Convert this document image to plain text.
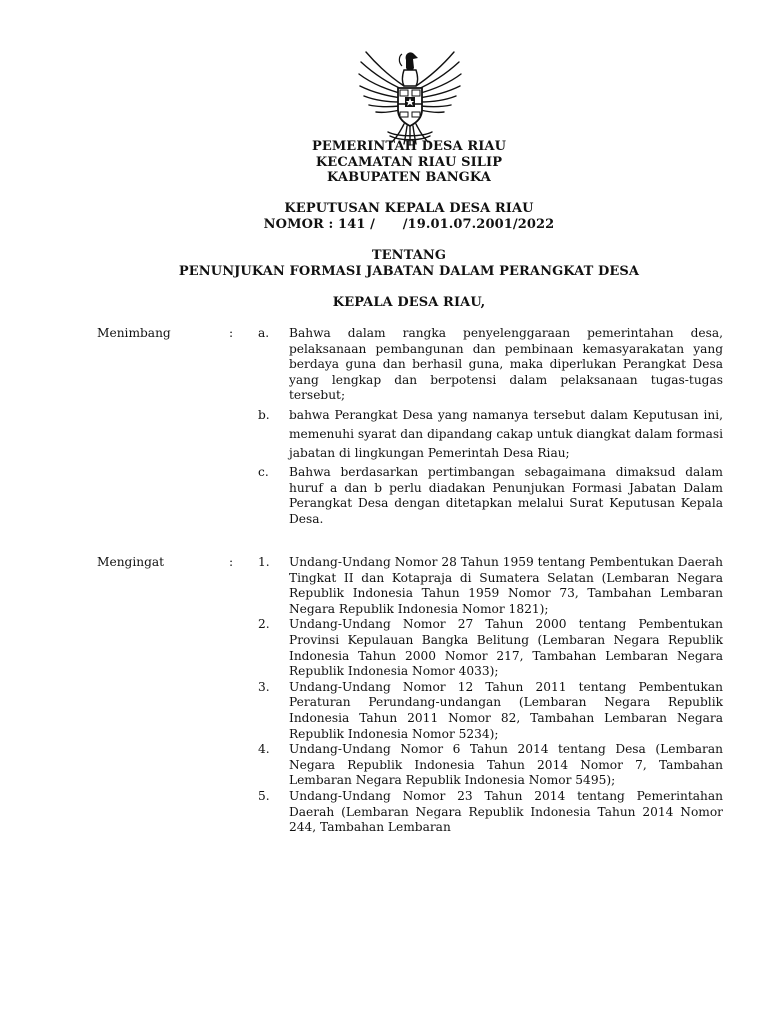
PEMERINTAH DESA RIAU
KECAMATAN RIAU SILIP
KABUPATEN BANGKA
KEPUTUSAN KEPALA DESA RIAU
NOMOR : 141 /      /19.01.07.2001/2022
TENTANG
PENUNJUKAN FORMASI JABATAN DALAM PERANGKAT DESA
KEPALA DESA RIAU,
Menimbang	: a. Bahwa dalam rangka penyelenggaraan pemerintahan desa, pelaksanaan pembangunan dan pembinaan kemasyarakatan yang berdaya guna dan berhasil guna, maka diperlukan Perangkat Desa yang lengkap dan berpotensi dalam pelaksanaan tugas-tugas tersebut;

b. bahwa Perangkat Desa yang namanya tersebut dalam Keputusan ini, memenuhi syarat dan dipandang cakap untuk diangkat dalam formasi jabatan di lingkungan Pemerintah Desa Riau;

c. Bahwa berdasarkan pertimbangan sebagaimana dimaksud dalam huruf a dan b perlu diadakan Penunjukan Formasi Jabatan Dalam Perangkat Desa dengan ditetapkan melalui Surat Keputusan Kepala Desa.

Mengingat	: 1. Undang-Undang Nomor 28 Tahun 1959 tentang Pembentukan Daerah Tingkat II dan Kotapraja di Sumatera Selatan (Lembaran Negara Republik Indonesia Tahun 1959 Nomor 73, Tambahan Lembaran Negara Republik Indonesia Nomor 1821);

2. Undang-Undang Nomor 27 Tahun 2000 tentang Pembentukan Provinsi Kepulauan Bangka Belitung (Lembaran Negara Republik Indonesia Tahun 2000 Nomor 217, Tambahan Lembaran Negara Republik Indonesia Nomor 4033);

3. Undang-Undang Nomor 12 Tahun 2011 tentang Pembentukan Peraturan Perundang-undangan (Lembaran Negara Republik Indonesia Tahun 2011 Nomor 82, Tambahan Lembaran Negara Republik Indonesia Nomor 5234);

4. Undang-Undang Nomor 6 Tahun 2014 tentang Desa (Lembaran Negara Republik Indonesia Tahun 2014 Nomor 7, Tambahan Lembaran Negara Republik Indonesia Nomor 5495);

5. Undang-Undang Nomor 23 Tahun 2014 tentang Pemerintahan Daerah (Lembaran Negara Republik Indonesia Tahun 2014 Nomor 244, Tambahan Lembaran
